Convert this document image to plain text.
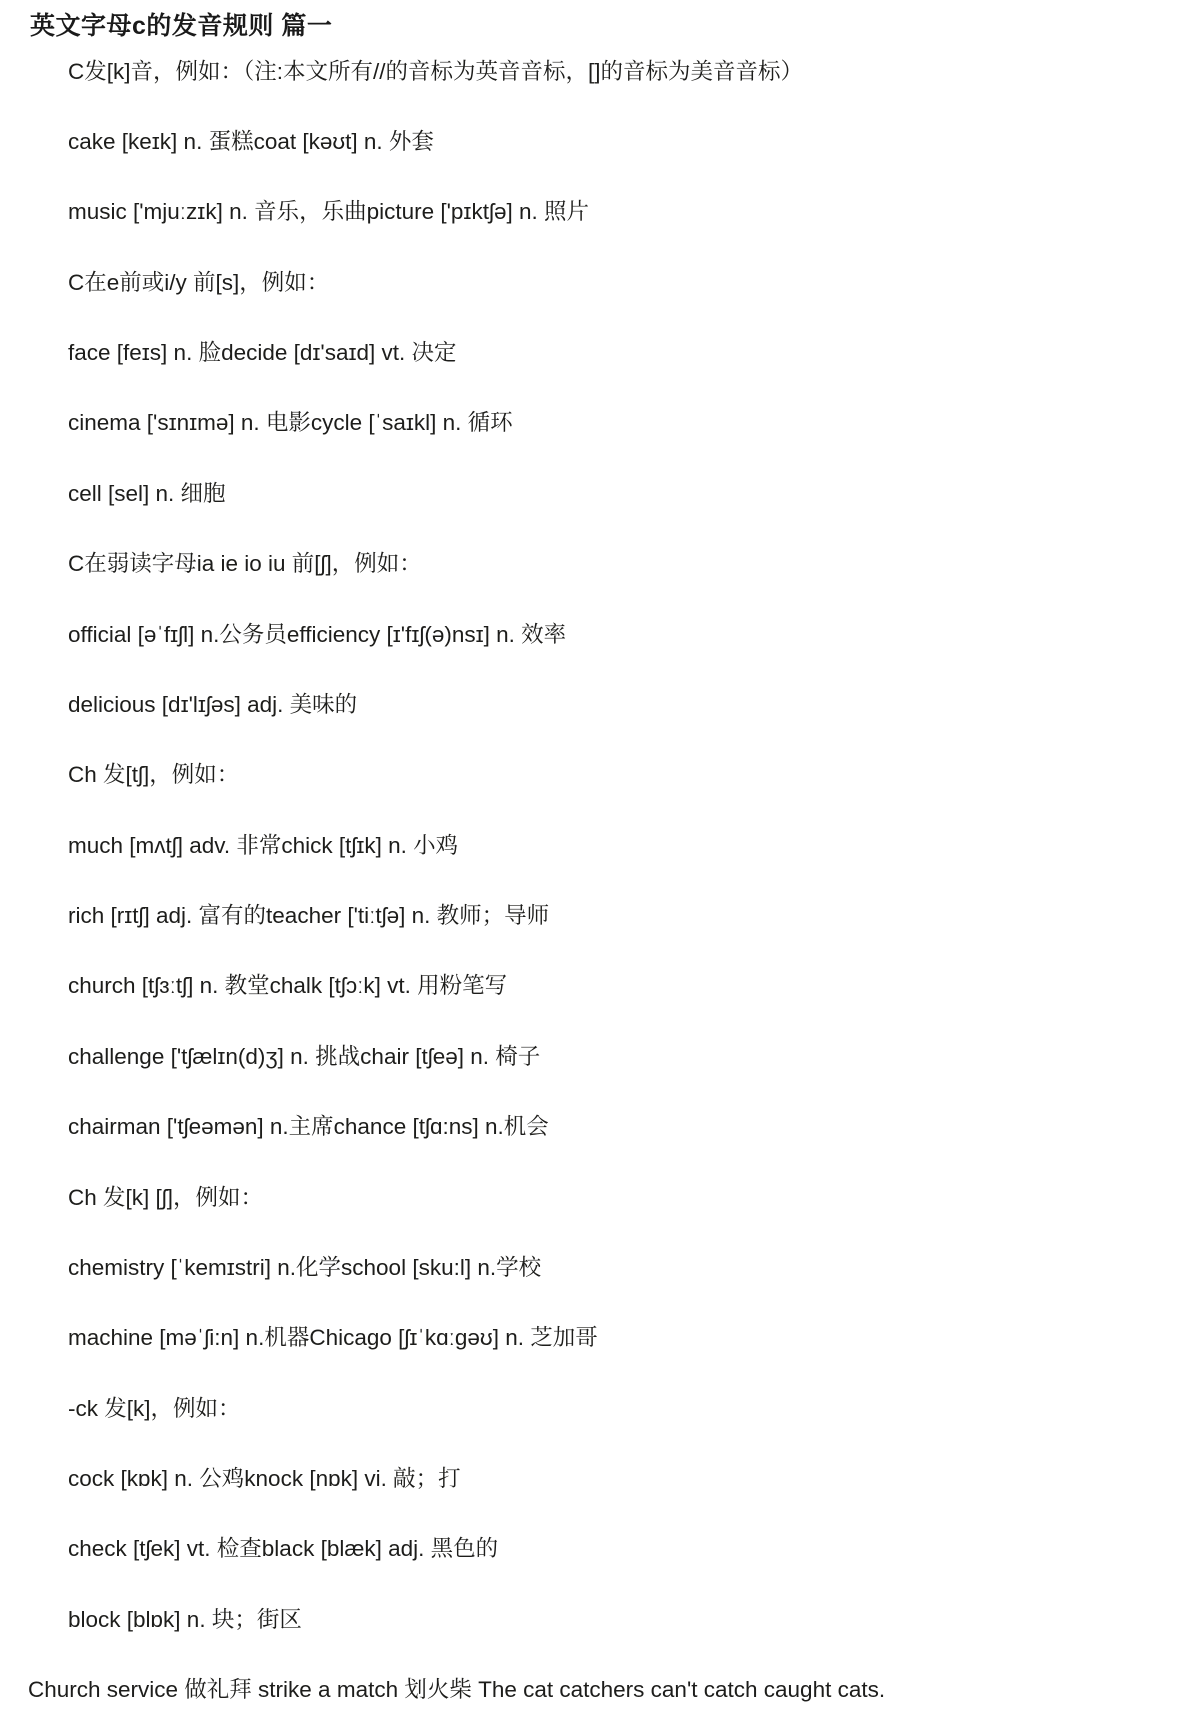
英文字母c的发音规则 篇一

C发[k]音，例如：（注:本文所有//的音标为英音音标，[]的音标为美音音标）

cake [keɪk] n. 蛋糕coat [kəʊt] n. 外套

music ['mjuːzɪk] n. 音乐，乐曲picture ['pɪktʃə] n. 照片

C在e前或i/y 前[s]，例如：

face [feɪs] n. 脸decide [dɪ'saɪd] vt. 决定

cinema ['sɪnɪmə] n. 电影cycle [ˈsaɪkl] n. 循环

cell [sel] n. 细胞

C在弱读字母ia ie io iu 前[ʃ]，例如：

official [əˈfɪʃl] n.公务员efficiency [ɪ'fɪʃ(ə)nsɪ] n. 效率

delicious [dɪ'lɪʃəs] adj. 美味的

Ch 发[tʃ]，例如：

much [mʌtʃ] adv. 非常chick [tʃɪk] n. 小鸡

rich [rɪtʃ] adj. 富有的teacher ['tiːtʃə] n. 教师；导师

church [tʃɜːtʃ] n. 教堂chalk [tʃɔːk] vt. 用粉笔写

challenge ['tʃælɪn(d)ʒ] n. 挑战chair [tʃeə] n. 椅子

chairman ['tʃeəmən] n.主席chance [tʃɑ:ns] n.机会

Ch 发[k] [ʃ]，例如：

chemistry [ˈkemɪstri] n.化学school [sku:l] n.学校

machine [məˈʃi:n] n.机器Chicago [ʃɪˈkɑːgəʊ] n. 芝加哥

-ck 发[k]，例如：

cock [kɒk] n. 公鸡knock [nɒk] vi. 敲；打

check [tʃek] vt. 检查black [blæk] adj. 黑色的

block [blɒk] n. 块；街区

Church service 做礼拜 strike a match 划火柴 The cat catchers can't catch caught cats.
